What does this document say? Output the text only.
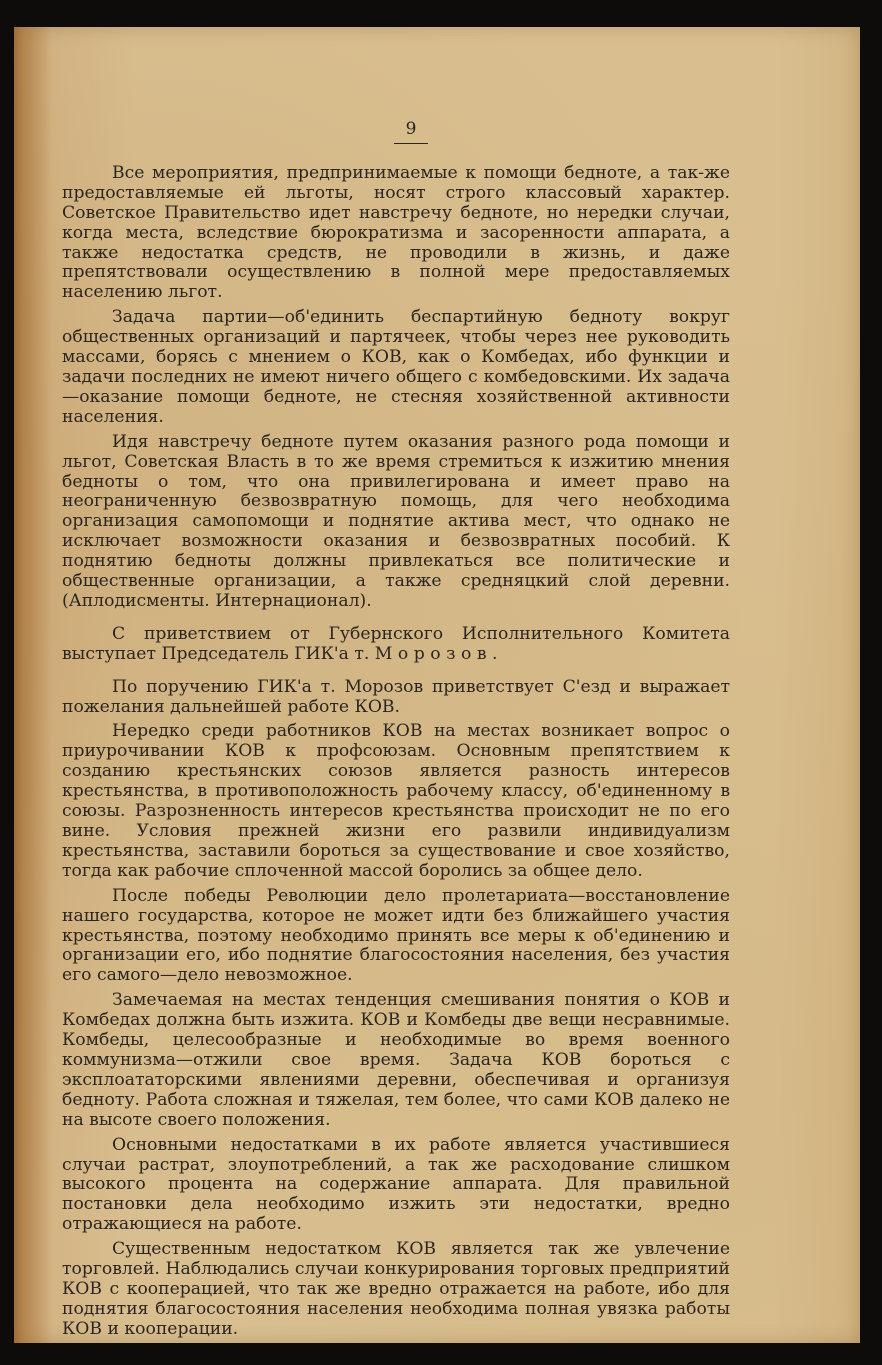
9

Все мероприятия, предпринимаемые к помощи бедноте, а так-же предоставляемые ей льготы, носят строго классовый характер. Советское Правительство идет навстречу бедноте, но нередки случаи, когда места, вследствие бюрократизма и засоренности аппарата, а также недостатка средств, не проводили в жизнь, и даже препятствовали осуществлению в полной мере предоставляемых населению льгот.

Задача партии—об'единить беспартийную бедноту вокруг общественных организаций и партячеек, чтобы через нее руководить массами, борясь с мнением о КОВ, как о Комбедах, ибо функции и задачи последних не имеют ничего общего с комбедовскими. Их задача—оказание помощи бедноте, не стесняя хозяйственной активности населения.

Идя навстречу бедноте путем оказания разного рода помощи и льгот, Советская Власть в то же время стремиться к изжитию мнения бедноты о том, что она привилегирована и имеет право на неограниченную безвозвратную помощь, для чего необходима организация самопомощи и поднятие актива мест, что однако не исключает возможности оказания и безвозвратных пособий. К поднятию бедноты должны привлекаться все политические и общественные организации, а также средняцкий слой деревни. (Аплодисменты. Интернационал).

С приветствием от Губернского Исполнительного Комитета выступает Председатель ГИК'а т. Морозов.

По поручению ГИК'а т. Морозов приветствует С'езд и выражает пожелания дальнейшей работе КОВ.

Нередко среди работников КОВ на местах возникает вопрос о приурочивании КОВ к профсоюзам. Основным препятствием к созданию крестьянских союзов является разность интересов крестьянства, в противоположность рабочему классу, об'единенному в союзы. Разрозненность интересов крестьянства происходит не по его вине. Условия прежней жизни его развили индивидуализм крестьянства, заставили бороться за существование и свое хозяйство, тогда как рабочие сплоченной массой боролись за общее дело.

После победы Революции дело пролетариата—восстановление нашего государства, которое не может идти без ближайшего участия крестьянства, поэтому необходимо принять все меры к об'единению и организации его, ибо поднятие благосостояния населения, без участия его самого—дело невозможное.

Замечаемая на местах тенденция смешивания понятия о КОВ и Комбедах должна быть изжита. КОВ и Комбеды две вещи несравнимые. Комбеды, целесообразные и необходимые во время военного коммунизма—отжили свое время. Задача КОВ бороться с эксплоататорскими явлениями деревни, обеспечивая и организуя бедноту. Работа сложная и тяжелая, тем более, что сами КОВ далеко не на высоте своего положения.

Основными недостатками в их работе является участившиеся случаи растрат, злоупотреблений, а так же расходование слишком высокого процента на содержание аппарата. Для правильной постановки дела необходимо изжить эти недостатки, вредно отражающиеся на работе.

Существенным недостатком КОВ является так же увлечение торговлей. Наблюдались случаи конкурирования торговых предприятий КОВ с кооперацией, что так же вредно отражается на работе, ибо для поднятия благосостояния населения необходима полная увязка работы КОВ и кооперации.
